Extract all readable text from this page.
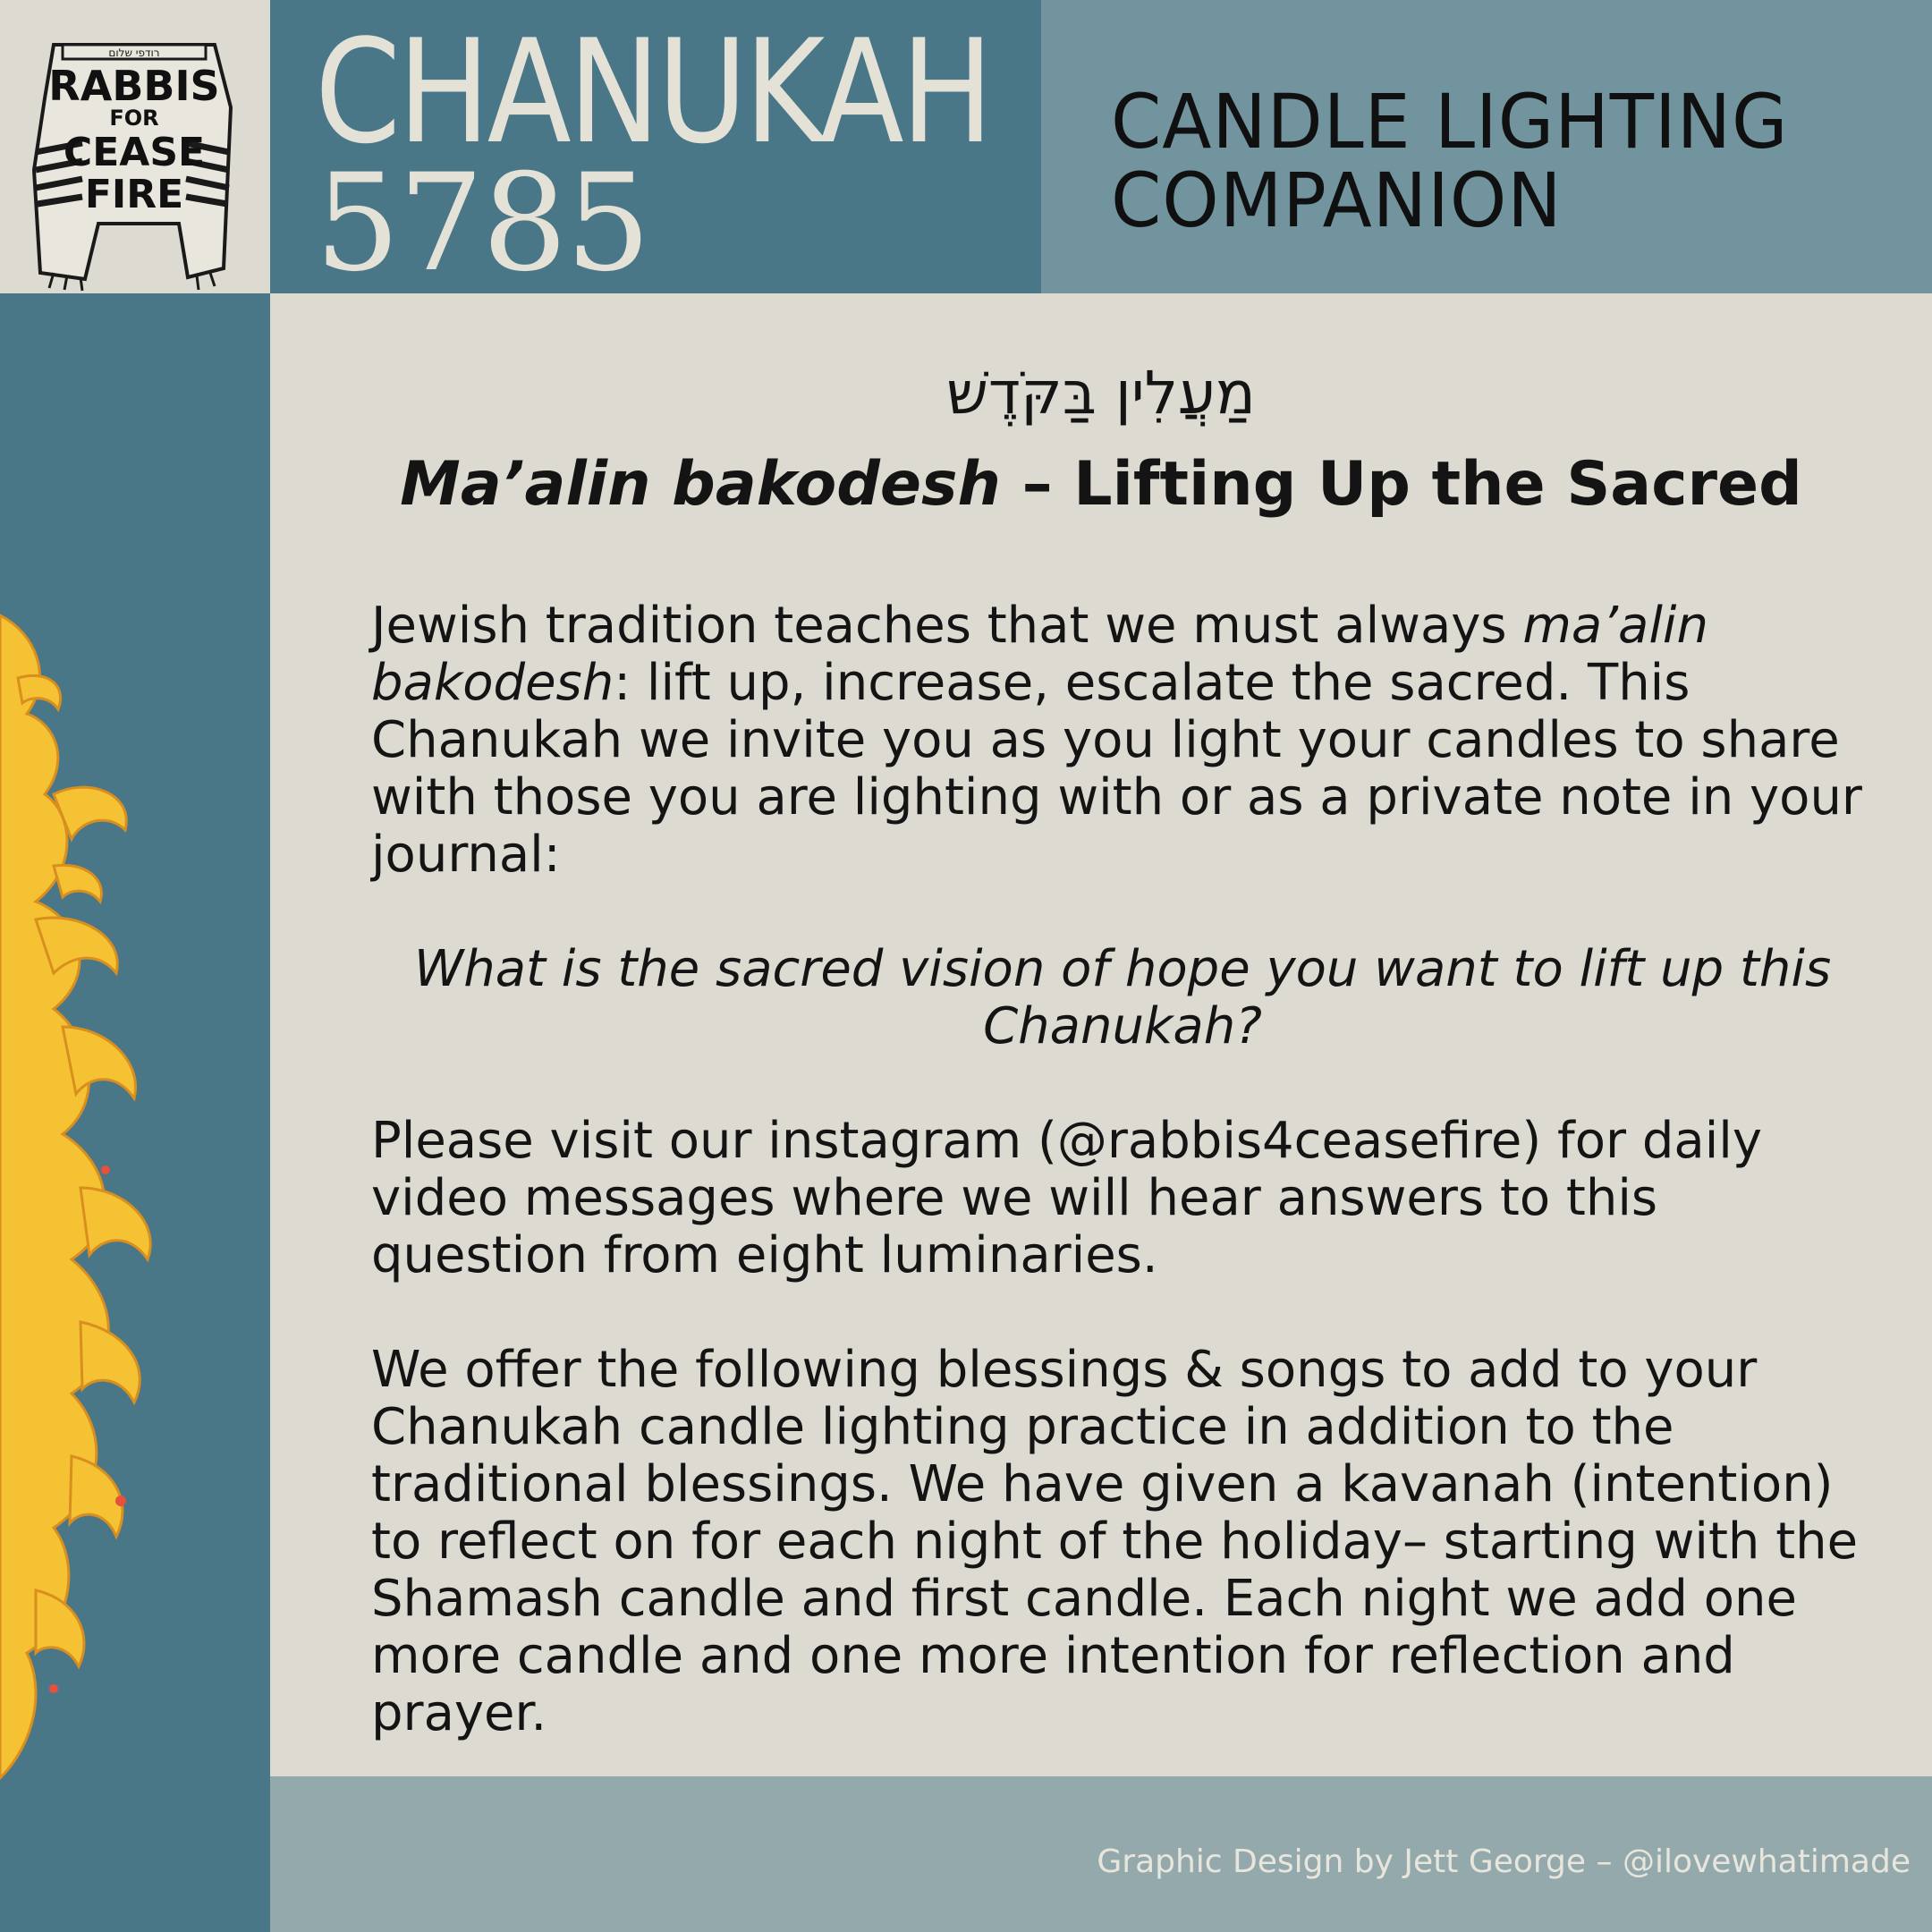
רודפי שלום
RABBIS
FOR
CEASE
FIRE
CHANUKAH
5785
CANDLE LIGHTING
COMPANION
מַעֲלִין בַּקֹּדֶשׁ
Ma’alin bakodesh – Lifting Up the Sacred
Jewish tradition teaches that we must always ma’alin bakodesh: lift up, increase, escalate the sacred. This Chanukah we invite you as you light your candles to share with those you are lighting with or as a private note in your journal:
What is the sacred vision of hope you want to lift up this Chanukah?
Please visit our instagram (@rabbis4ceasefire) for daily video messages where we will hear answers to this question from eight luminaries.
We offer the following blessings & songs to add to your Chanukah candle lighting practice in addition to the traditional blessings. We have given a kavanah (intention) to reflect on for each night of the holiday– starting with the Shamash candle and first candle. Each night we add one more candle and one more intention for reflection and prayer.
Graphic Design by Jett George – @ilovewhatimade
